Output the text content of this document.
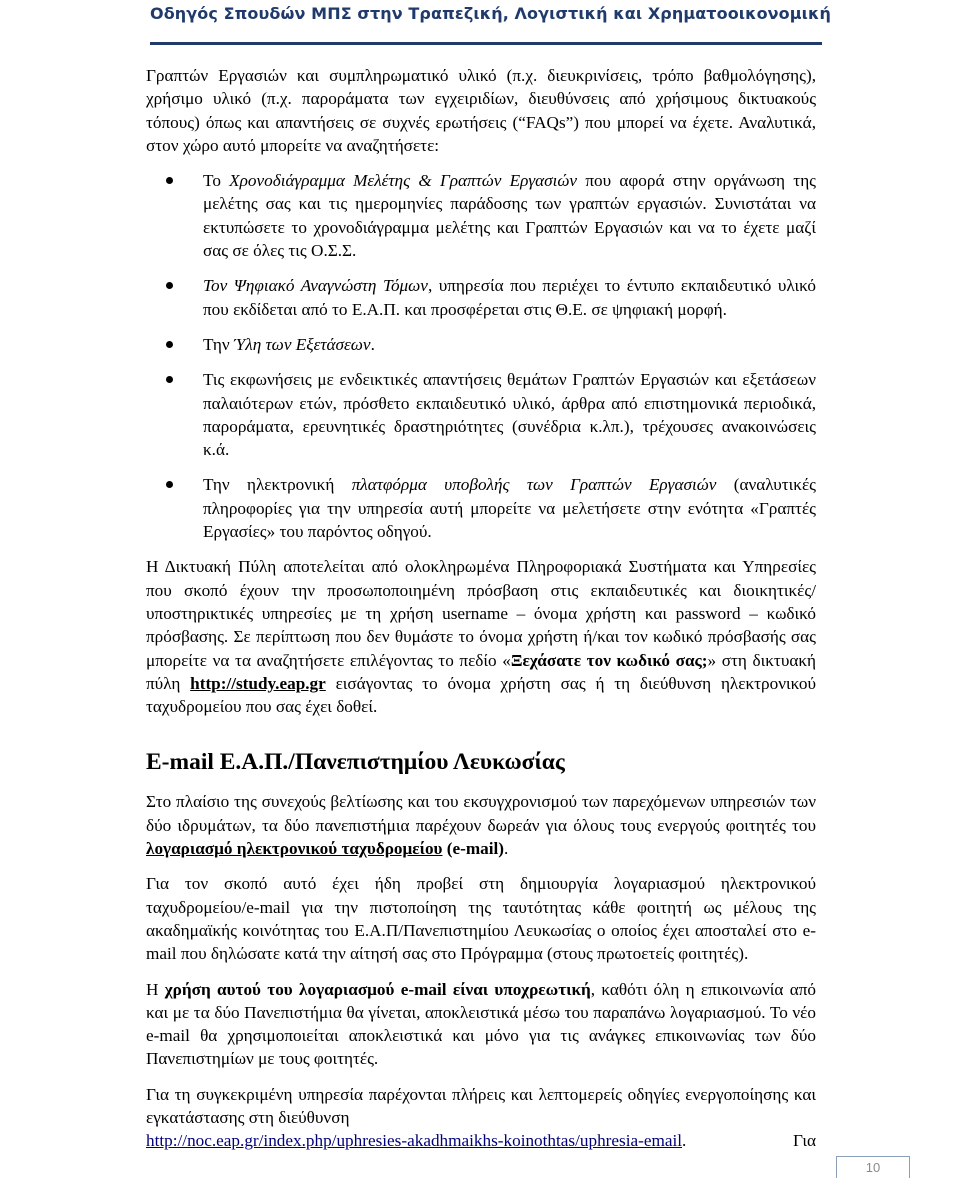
Οδηγός Σπουδών ΜΠΣ στην Τραπεζική, Λογιστική και Χρηματοοικονομική

Γραπτών Εργασιών και συμπληρωματικό υλικό (π.χ. διευκρινίσεις, τρόπο βαθμολόγησης), χρήσιμο υλικό (π.χ. παροράματα των εγχειριδίων, διευθύνσεις από χρήσιμους δικτυακούς τόπους) όπως και απαντήσεις σε συχνές ερωτήσεις (“FAQs”) που μπορεί να έχετε. Αναλυτικά, στον χώρο αυτό μπορείτε να αναζητήσετε:

Το Χρονοδιάγραμμα Μελέτης & Γραπτών Εργασιών που αφορά στην οργάνωση της μελέτης σας και τις ημερομηνίες παράδοσης των γραπτών εργασιών. Συνιστάται να εκτυπώσετε το χρονοδιάγραμμα μελέτης και Γραπτών Εργασιών και να το έχετε μαζί σας σε όλες τις Ο.Σ.Σ.
Τον Ψηφιακό Αναγνώστη Τόμων, υπηρεσία που περιέχει το έντυπο εκπαιδευτικό υλικό που εκδίδεται από το Ε.Α.Π. και προσφέρεται στις Θ.Ε. σε ψηφιακή μορφή.
Την Ύλη των Εξετάσεων.
Τις εκφωνήσεις με ενδεικτικές απαντήσεις θεμάτων Γραπτών Εργασιών και εξετάσεων παλαιότερων ετών, πρόσθετο εκπαιδευτικό υλικό, άρθρα από επιστημονικά περιοδικά, παροράματα, ερευνητικές δραστηριότητες (συνέδρια κ.λπ.), τρέχουσες ανακοινώσεις κ.ά.
Την ηλεκτρονική πλατφόρμα υποβολής των Γραπτών Εργασιών (αναλυτικές πληροφορίες για την υπηρεσία αυτή μπορείτε να μελετήσετε στην ενότητα «Γραπτές Εργασίες» του παρόντος οδηγού.

Η Δικτυακή Πύλη αποτελείται από ολοκληρωμένα Πληροφοριακά Συστήματα και Υπηρεσίες που σκοπό έχουν την προσωποποιημένη πρόσβαση στις εκπαιδευτικές και διοικητικές/υποστηρικτικές υπηρεσίες με τη χρήση username – όνομα χρήστη και password – κωδικό πρόσβασης. Σε περίπτωση που δεν θυμάστε το όνομα χρήστη ή/και τον κωδικό πρόσβασής σας μπορείτε να τα αναζητήσετε επιλέγοντας το πεδίο «Ξεχάσατε τον κωδικό σας;» στη δικτυακή πύλη http://study.eap.gr εισάγοντας το όνομα χρήστη σας ή τη διεύθυνση ηλεκτρονικού ταχυδρομείου που σας έχει δοθεί.

E-mail Ε.Α.Π./Πανεπιστημίου Λευκωσίας

Στο πλαίσιο της συνεχούς βελτίωσης και του εκσυγχρονισμού των παρεχόμενων υπηρεσιών των δύο ιδρυμάτων, τα δύο πανεπιστήμια παρέχουν δωρεάν για όλους τους ενεργούς φοιτητές του λογαριασμό ηλεκτρονικού ταχυδρομείου (e-mail).

Για τον σκοπό αυτό έχει ήδη προβεί στη δημιουργία λογαριασμού ηλεκτρονικού ταχυδρομείου/e-mail για την πιστοποίηση της ταυτότητας κάθε φοιτητή ως μέλους της ακαδημαϊκής κοινότητας του Ε.Α.Π/Πανεπιστημίου Λευκωσίας ο οποίος έχει αποσταλεί στο e-mail που δηλώσατε κατά την αίτησή σας στο Πρόγραμμα (στους πρωτοετείς φοιτητές).

Η χρήση αυτού του λογαριασμού e-mail είναι υποχρεωτική, καθότι όλη η επικοινωνία από και με τα δύο Πανεπιστήμια θα γίνεται, αποκλειστικά μέσω του παραπάνω λογαριασμού. Το νέο e-mail θα χρησιμοποιείται αποκλειστικά και μόνο για τις ανάγκες επικοινωνίας των δύο Πανεπιστημίων με τους φοιτητές.

Για τη συγκεκριμένη υπηρεσία παρέχονται πλήρεις και λεπτομερείς οδηγίες ενεργοποίησης και εγκατάστασης στη διεύθυνση

http://noc.eap.gr/index.php/uphresies-akadhmaikhs-koinothtas/uphresia-email.	Για

10
